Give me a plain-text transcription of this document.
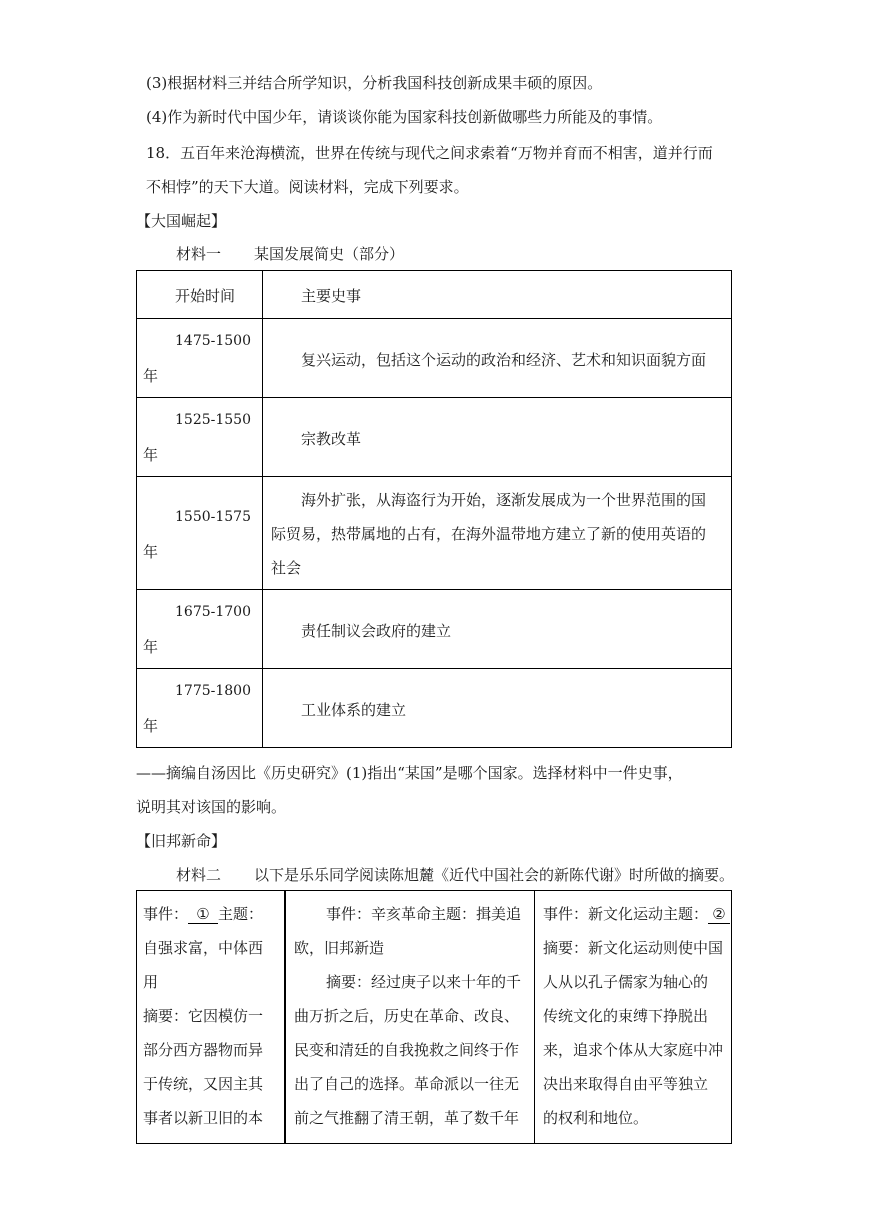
(3)根据材料三并结合所学知识，分析我国科技创新成果丰硕的原因。
(4)作为新时代中国少年，请谈谈你能为国家科技创新做哪些力所能及的事情。
18．五百年来沧海横流，世界在传统与现代之间求索着“万物并育而不相害，道并行而
不相悖”的天下大道。阅读材料，完成下列要求。
【大国崛起】
材料一 某国发展简史（部分）
开始时间	主要史事

1475-1500
年	复兴运动，包括这个运动的政治和经济、艺术和知识面貌方面

1525-1550
年	宗教改革

1550-1575
年	海外扩张，从海盗行为开始，逐渐发展成为一个世界范围的国
际贸易，热带属地的占有，在海外温带地方建立了新的使用英语的
社会

1675-1700
年	责任制议会政府的建立

1775-1800
年	工业体系的建立
——摘编自汤因比《历史研究》(1)指出“某国”是哪个国家。选择材料中一件史事，
说明其对该国的影响。
【旧邦新命】
材料二 以下是乐乐同学阅读陈旭麓《近代中国社会的新陈代谢》时所做的摘要。
事件： ① 主题：
自强求富，中体西
用
摘要：它因模仿一
部分西方器物而异
于传统，又因主其
事者以新卫旧的本

事件：辛亥革命主题：揖美追
欧，旧邦新造
摘要：经过庚子以来十年的千
曲万折之后，历史在革命、改良、
民变和清廷的自我挽救之间终于作
出了自己的选择。革命派以一往无
前之气推翻了清王朝，革了数千年

事件：新文化运动主题： ②
摘要：新文化运动则使中国
人从以孔子儒家为轴心的
传统文化的束缚下挣脱出
来，追求个体从大家庭中冲
决出来取得自由平等独立
的权利和地位。
